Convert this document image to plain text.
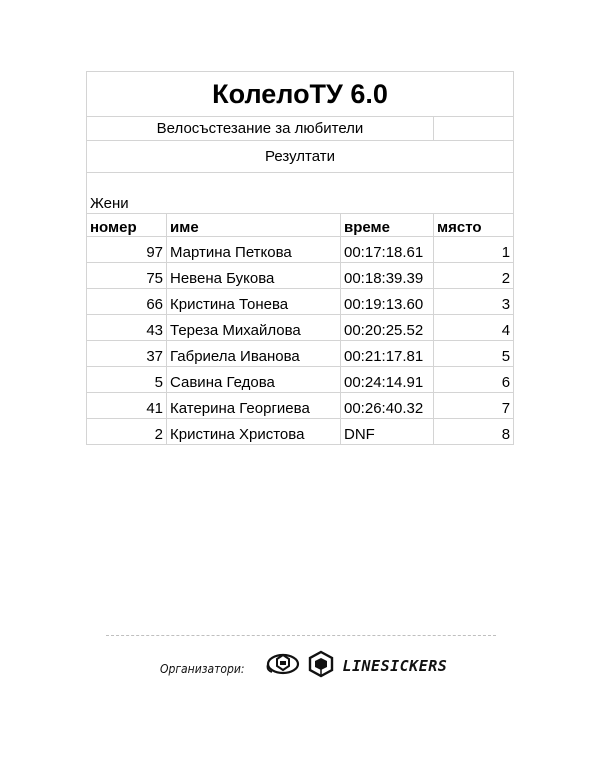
КолелоТУ 6.0			
Велосъстезание за любители			
Резултати			
Жени			
номер	име	време	място
97	Мартина Петкова	00:17:18.61	1
75	Невена Букова	00:18:39.39	2
66	Кристина Тонева	00:19:13.60	3
43	Тереза Михайлова	00:20:25.52	4
37	Габриела Иванова	00:21:17.81	5
5	Савина Гедова	00:24:14.91	6
41	Катерина Георгиева	00:26:40.32	7
2	Кристина Христова	DNF	8
Организатори:	LINESICKERS
